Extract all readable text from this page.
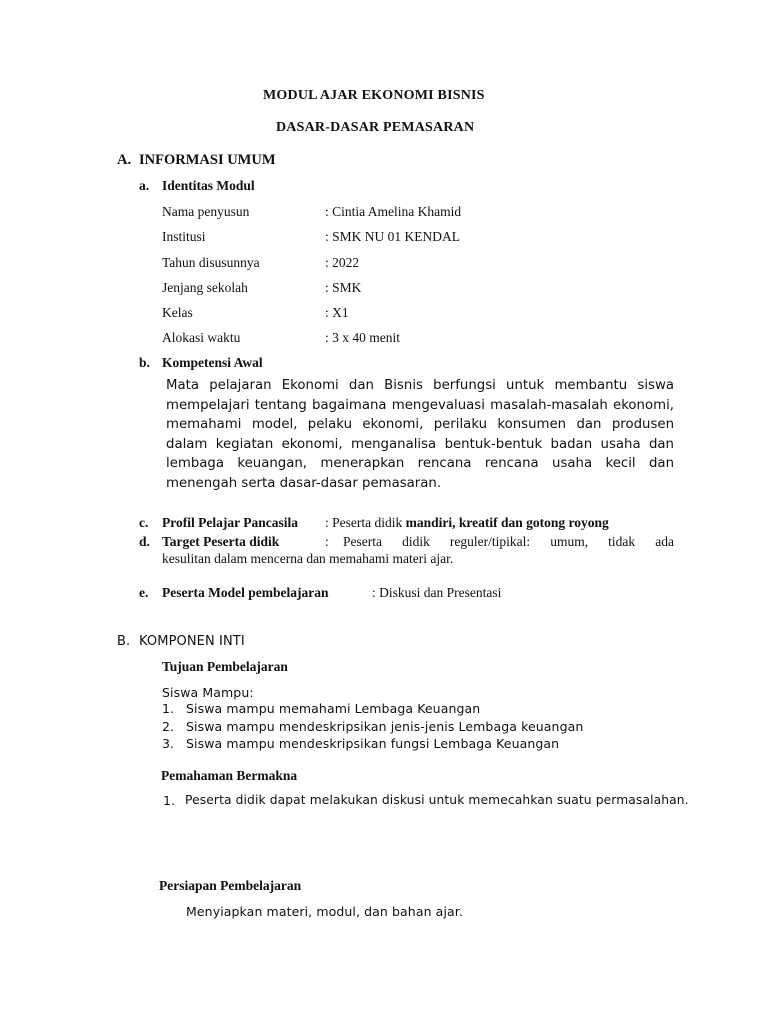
MODUL AJAR EKONOMI BISNIS
DASAR-DASAR PEMASARAN
A. INFORMASI UMUM
a. Identitas Modul
Nama penyusun	: Cintia Amelina Khamid
Institusi	: SMK NU 01 KENDAL
Tahun disusunnya	: 2022
Jenjang sekolah	: SMK
Kelas	: X1
Alokasi waktu	: 3 x 40 menit
b. Kompetensi Awal
Mata pelajaran Ekonomi dan Bisnis berfungsi untuk membantu siswa mempelajari tentang bagaimana mengevaluasi masalah-masalah ekonomi, memahami model, pelaku ekonomi, perilaku konsumen dan produsen dalam kegiatan ekonomi, menganalisa bentuk-bentuk badan usaha dan lembaga keuangan, menerapkan rencana rencana usaha kecil dan menengah serta dasar-dasar pemasaran.
c. Profil Pelajar Pancasila : Peserta didik mandiri, kreatif dan gotong royong
d. Target Peserta didik	: Peserta didik reguler/tipikal: umum, tidak ada
kesulitan dalam mencerna dan memahami materi ajar.
e. Peserta Model pembelajaran	: Diskusi dan Presentasi
B. KOMPONEN INTI
Tujuan Pembelajaran
Siswa Mampu:
1. Siswa mampu memahami Lembaga Keuangan
2. Siswa mampu mendeskripsikan jenis-jenis Lembaga keuangan
3. Siswa mampu mendeskripsikan fungsi Lembaga Keuangan
Pemahaman Bermakna
1. Peserta didik dapat melakukan diskusi untuk memecahkan suatu permasalahan.
Persiapan Pembelajaran
Menyiapkan materi, modul, dan bahan ajar.
